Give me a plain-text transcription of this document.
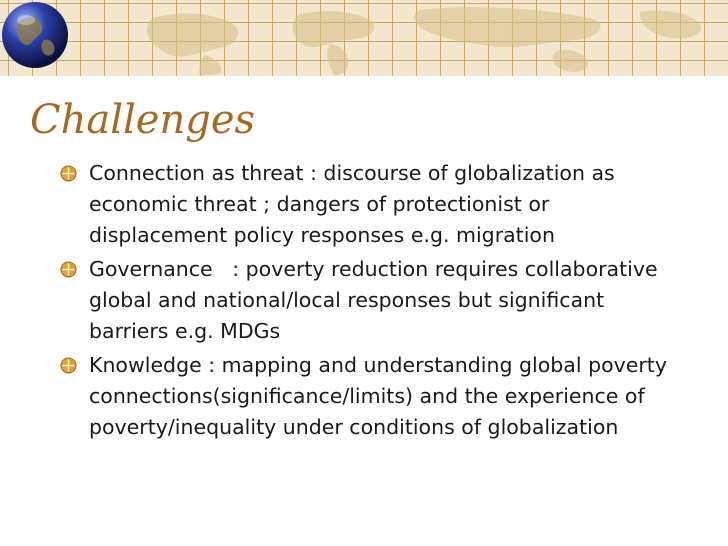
Challenges
Connection as threat : discourse of globalization as economic threat ; dangers of protectionist or displacement policy responses e.g. migration
Governance   : poverty reduction requires collaborative global and national/local responses but significant barriers e.g. MDGs
Knowledge : mapping and understanding global poverty connections(significance/limits) and the experience of poverty/inequality under conditions of globalization
